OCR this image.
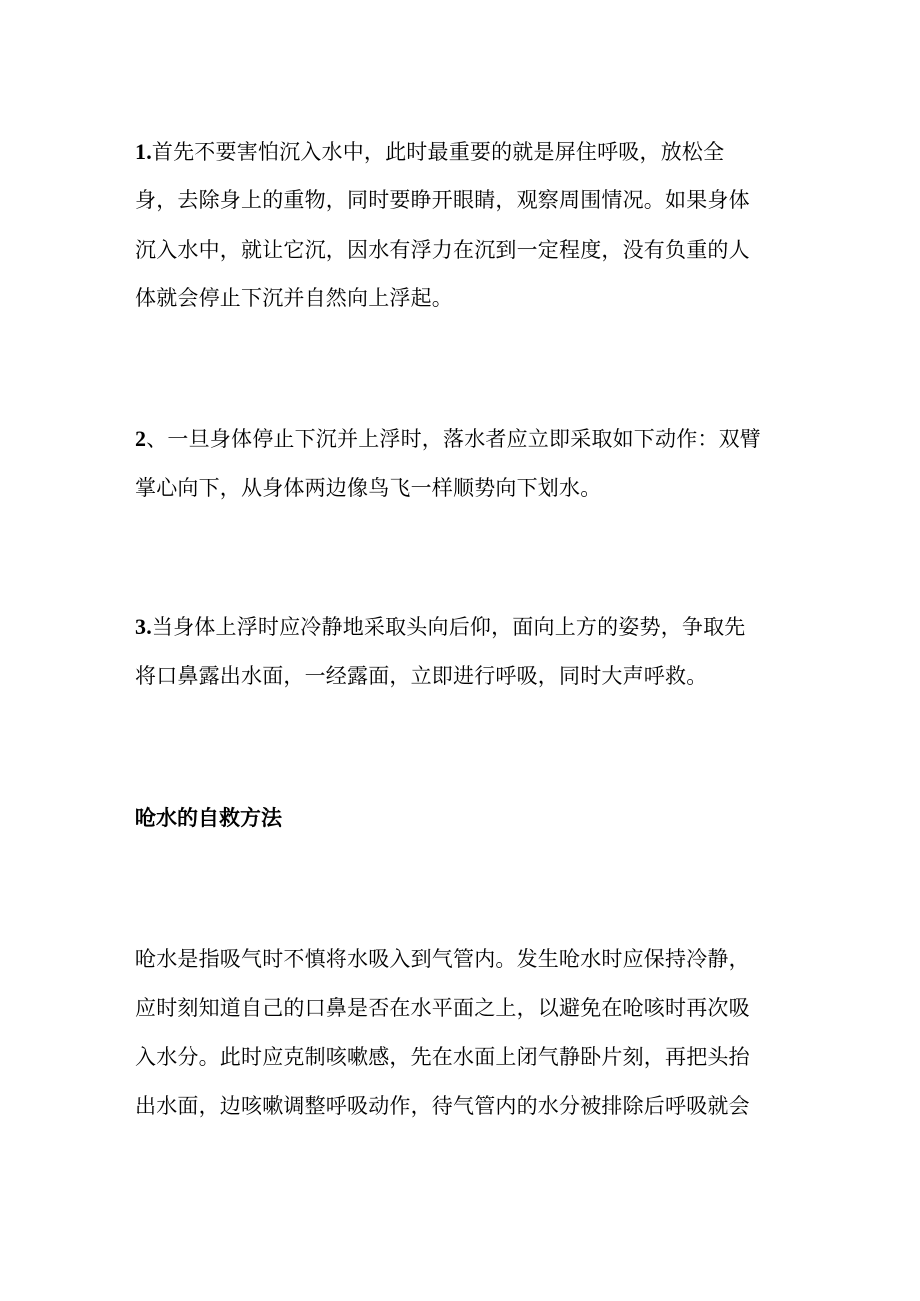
1.首先不要害怕沉入水中，此时最重要的就是屏住呼吸，放松全
身，去除身上的重物，同时要睁开眼睛，观察周围情况。如果身体
沉入水中，就让它沉，因水有浮力在沉到一定程度，没有负重的人
体就会停止下沉并自然向上浮起。
2、一旦身体停止下沉并上浮时，落水者应立即采取如下动作：双臂
掌心向下，从身体两边像鸟飞一样顺势向下划水。
3.当身体上浮时应冷静地采取头向后仰，面向上方的姿势，争取先
将口鼻露出水面，一经露面，立即进行呼吸，同时大声呼救。
呛水的自救方法
呛水是指吸气时不慎将水吸入到气管内。发生呛水时应保持冷静，
应时刻知道自己的口鼻是否在水平面之上，以避免在呛咳时再次吸
入水分。此时应克制咳嗽感，先在水面上闭气静卧片刻，再把头抬
出水面，边咳嗽调整呼吸动作，待气管内的水分被排除后呼吸就会
